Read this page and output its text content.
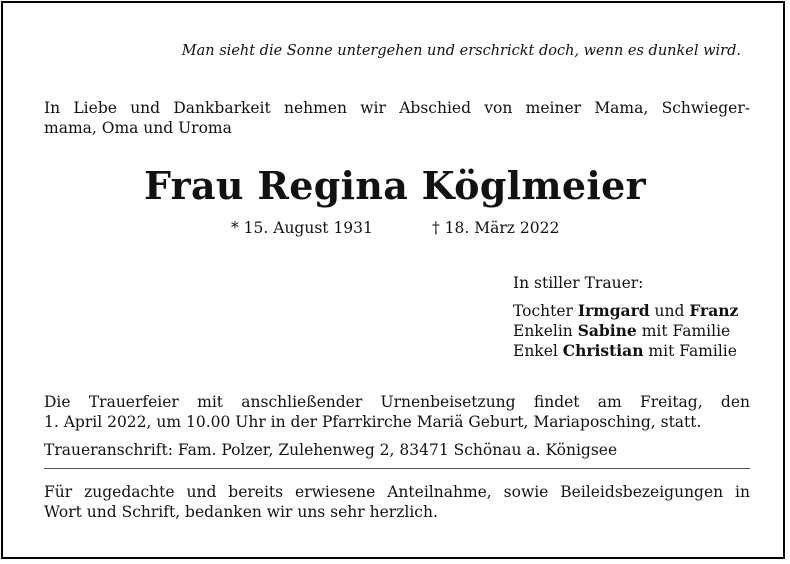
Man sieht die Sonne untergehen und erschrickt doch, wenn es dunkel wird.
In Liebe und Dankbarkeit nehmen wir Abschied von meiner Mama, Schwieger-
mama, Oma und Uroma
Frau Regina Köglmeier
* 15. August 1931	† 18. März 2022
In stiller Trauer:
Tochter Irmgard und Franz
Enkelin Sabine mit Familie
Enkel Christian mit Familie
Die Trauerfeier mit anschließender Urnenbeisetzung findet am Freitag, den
1. April 2022, um 10.00 Uhr in der Pfarrkirche Mariä Geburt, Mariaposching, statt.
Traueranschrift: Fam. Polzer, Zulehenweg 2, 83471 Schönau a. Königsee
Für zugedachte und bereits erwiesene Anteilnahme, sowie Beileidsbezeigungen in
Wort und Schrift, bedanken wir uns sehr herzlich.
